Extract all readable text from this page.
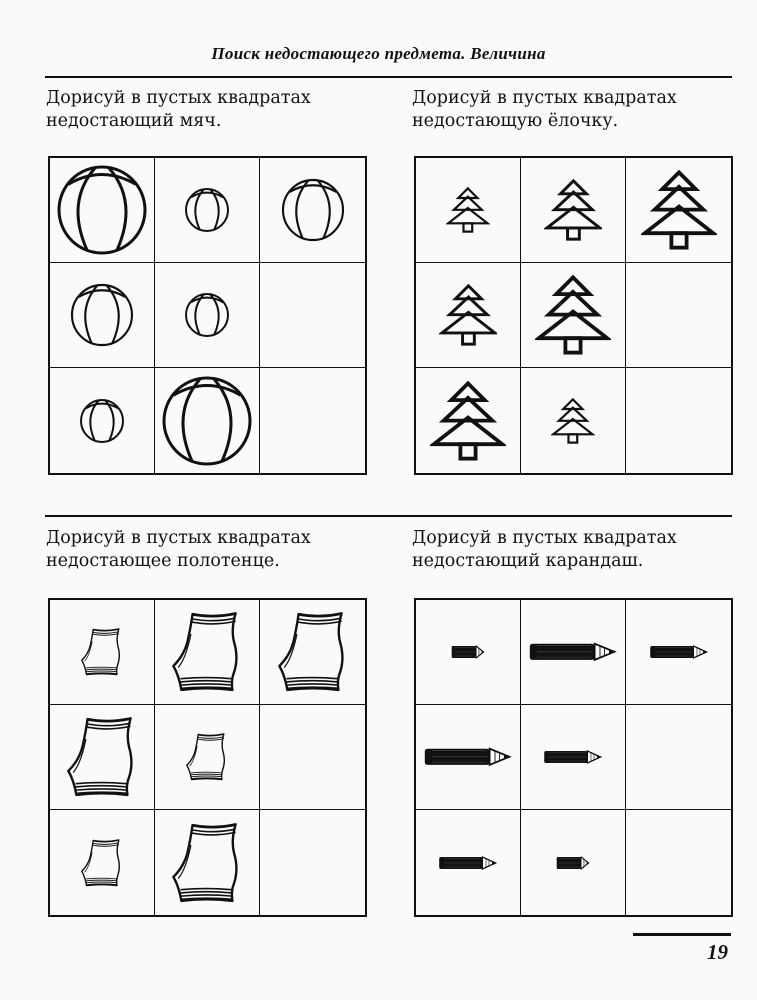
Поиск недостающего предмета. Величина
Дорисуй в пустых квадратах
недостающий мяч.
Дорисуй в пустых квадратах
недостающую ёлочку.
Дорисуй в пустых квадратах
недостающее полотенце.
Дорисуй в пустых квадратах
недостающий карандаш.
19
